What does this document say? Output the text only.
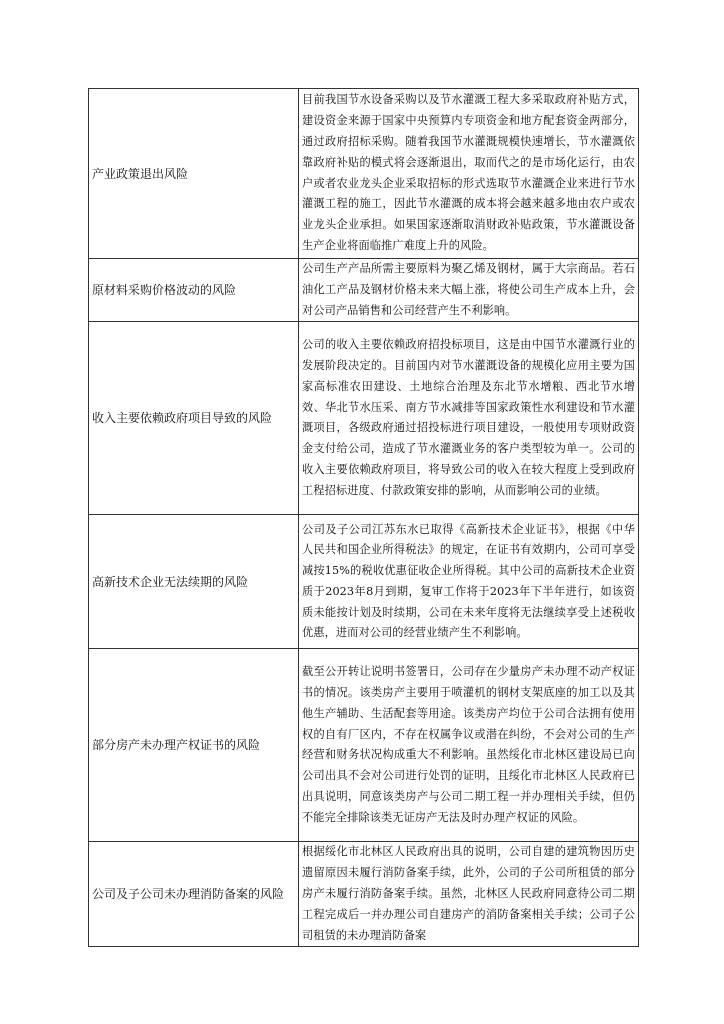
产业政策退出风险	目前我国节水设备采购以及节水灌溉工程大多采取政府补贴方式，建设资金来源于国家中央预算内专项资金和地方配套资金两部分，通过政府招标采购。随着我国节水灌溉规模快速增长，节水灌溉依靠政府补贴的模式将会逐渐退出，取而代之的是市场化运行，由农户或者农业龙头企业采取招标的形式选取节水灌溉企业来进行节水灌溉工程的施工，因此节水灌溉的成本将会越来越多地由农户或农业龙头企业承担。如果国家逐渐取消财政补贴政策，节水灌溉设备生产企业将面临推广难度上升的风险。
原材料采购价格波动的风险	公司生产产品所需主要原料为聚乙烯及钢材，属于大宗商品。若石油化工产品及钢材价格未来大幅上涨，将使公司生产成本上升，会对公司产品销售和公司经营产生不利影响。
收入主要依赖政府项目导致的风险	公司的收入主要依赖政府招投标项目，这是由中国节水灌溉行业的发展阶段决定的。目前国内对节水灌溉设备的规模化应用主要为国家高标准农田建设、土地综合治理及东北节水增粮、西北节水增效、华北节水压采、南方节水减排等国家政策性水利建设和节水灌溉项目，各级政府通过招投标进行项目建设，一般使用专项财政资金支付给公司，造成了节水灌溉业务的客户类型较为单一。公司的收入主要依赖政府项目，将导致公司的收入在较大程度上受到政府工程招标进度、付款政策安排的影响，从而影响公司的业绩。
高新技术企业无法续期的风险	公司及子公司江苏东水已取得《高新技术企业证书》，根据《中华人民共和国企业所得税法》的规定，在证书有效期内，公司可享受减按15%的税收优惠征收企业所得税。其中公司的高新技术企业资质于2023年8月到期，复审工作将于2023年下半年进行，如该资质未能按计划及时续期，公司在未来年度将无法继续享受上述税收优惠，进而对公司的经营业绩产生不利影响。
部分房产未办理产权证书的风险	截至公开转让说明书签署日，公司存在少量房产未办理不动产权证书的情况。该类房产主要用于喷灌机的钢材支架底座的加工以及其他生产辅助、生活配套等用途。该类房产均位于公司合法拥有使用权的自有厂区内，不存在权属争议或潜在纠纷，不会对公司的生产经营和财务状况构成重大不利影响。虽然绥化市北林区建设局已向公司出具不会对公司进行处罚的证明，且绥化市北林区人民政府已出具说明，同意该类房产与公司二期工程一并办理相关手续，但仍不能完全排除该类无证房产无法及时办理产权证的风险。
公司及子公司未办理消防备案的风险	根据绥化市北林区人民政府出具的说明，公司自建的建筑物因历史遗留原因未履行消防备案手续，此外，公司的子公司所租赁的部分房产未履行消防备案手续。虽然，北林区人民政府同意待公司二期工程完成后一并办理公司自建房产的消防备案相关手续；公司子公司租赁的未办理消防备案
